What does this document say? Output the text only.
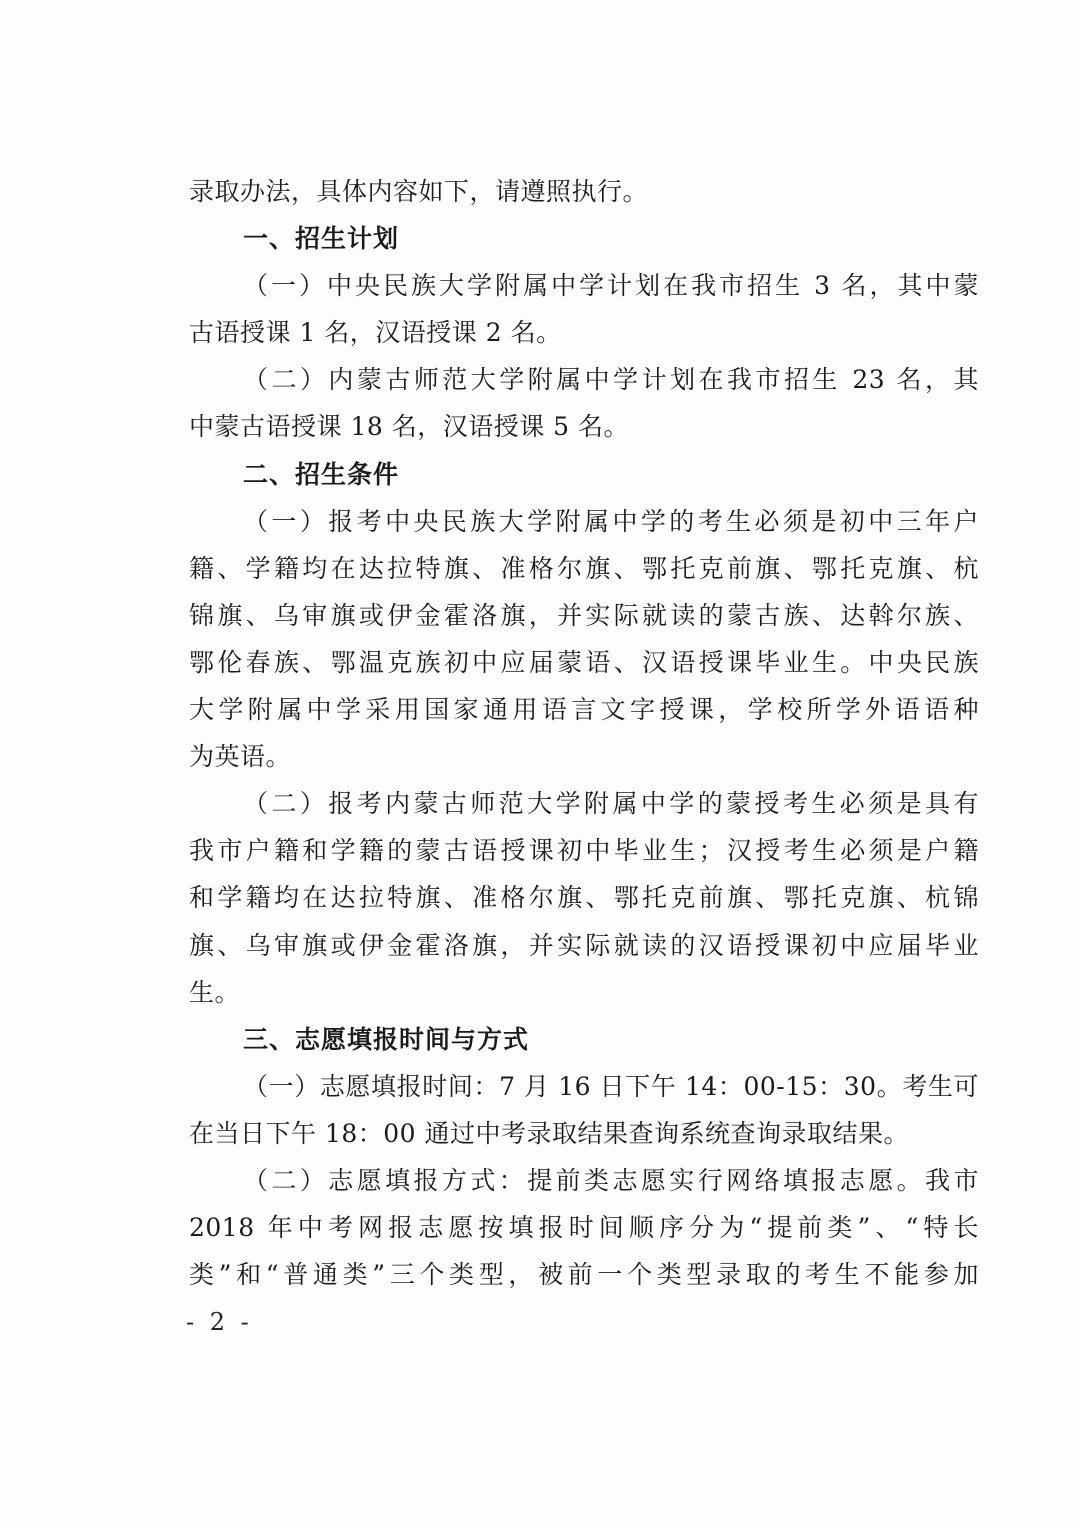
录取办法，具体内容如下，请遵照执行。
一、招生计划
（一）中央民族大学附属中学计划在我市招生 3 名，其中蒙
古语授课 1 名，汉语授课 2 名。
（二）内蒙古师范大学附属中学计划在我市招生 23 名，其
中蒙古语授课 18 名，汉语授课 5 名。
二、招生条件
（一）报考中央民族大学附属中学的考生必须是初中三年户
籍、学籍均在达拉特旗、准格尔旗、鄂托克前旗、鄂托克旗、杭
锦旗、乌审旗或伊金霍洛旗，并实际就读的蒙古族、达斡尔族、
鄂伦春族、鄂温克族初中应届蒙语、汉语授课毕业生。中央民族
大学附属中学采用国家通用语言文字授课，学校所学外语语种
为英语。
（二）报考内蒙古师范大学附属中学的蒙授考生必须是具有
我市户籍和学籍的蒙古语授课初中毕业生；汉授考生必须是户籍
和学籍均在达拉特旗、准格尔旗、鄂托克前旗、鄂托克旗、杭锦
旗、乌审旗或伊金霍洛旗，并实际就读的汉语授课初中应届毕业
生。
三、志愿填报时间与方式
（一）志愿填报时间：7 月 16 日下午 14：00-15：30。考生可
在当日下午 18：00 通过中考录取结果查询系统查询录取结果。
（二）志愿填报方式：提前类志愿实行网络填报志愿。我市
2018 年中考网报志愿按填报时间顺序分为“提前类”、“特长
类”和“普通类”三个类型，被前一个类型录取的考生不能参加
- 2 -
